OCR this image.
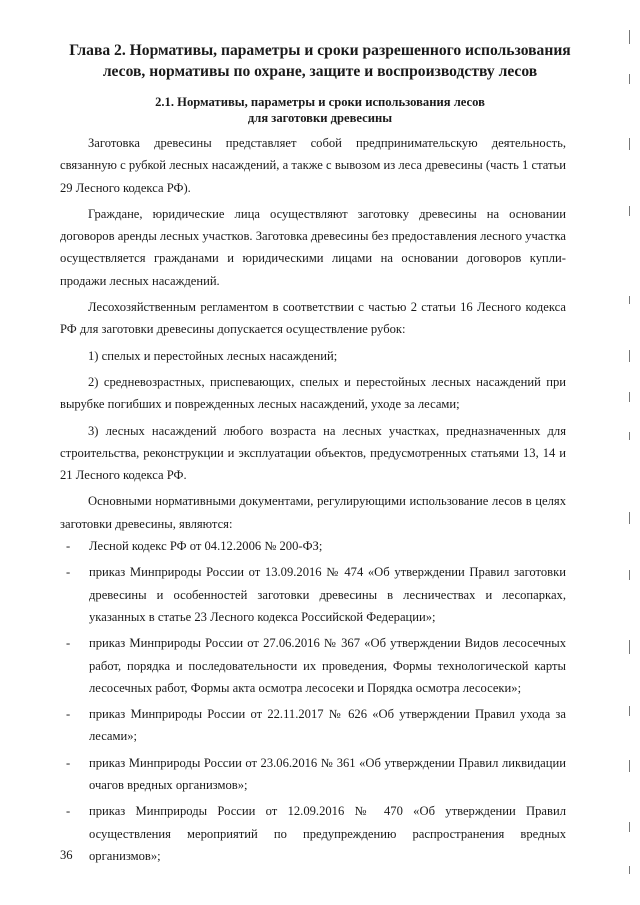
Глава 2. Нормативы, параметры и сроки разрешенного использования
лесов, нормативы по охране, защите и воспроизводству лесов
2.1. Нормативы, параметры и сроки использования лесов
для заготовки древесины

Заготовка древесины представляет собой предпринимательскую деятельность, связанную с рубкой лесных насаждений, а также с вывозом из леса древесины (часть 1 статьи 29 Лесного кодекса РФ).

Граждане, юридические лица осуществляют заготовку древесины на основании договоров аренды лесных участков. Заготовка древесины без предоставления лесного участка осуществляется гражданами и юридическими лицами на основании договоров купли-продажи лесных насаждений.

Лесохозяйственным регламентом в соответствии с частью 2 статьи 16 Лесного кодекса РФ для заготовки древесины допускается осуществление рубок:

1) спелых и перестойных лесных насаждений;

2) средневозрастных, приспевающих, спелых и перестойных лесных насаждений при вырубке погибших и поврежденных лесных насаждений, уходе за лесами;

3) лесных насаждений любого возраста на лесных участках, предназначенных для строительства, реконструкции и эксплуатации объектов, предусмотренных статьями 13, 14 и 21 Лесного кодекса РФ.

Основными нормативными документами, регулирующими использование лесов в целях заготовки древесины, являются:

- Лесной кодекс РФ от 04.12.2006 № 200-ФЗ;
- приказ Минприроды России от 13.09.2016 № 474 «Об утверждении Правил заготовки древесины и особенностей заготовки древесины в лесничествах и лесопарках, указанных в статье 23 Лесного кодекса Российской Федерации»;
- приказ Минприроды России от 27.06.2016 № 367 «Об утверждении Видов лесосечных работ, порядка и последовательности их проведения, Формы технологической карты лесосечных работ, Формы акта осмотра лесосеки и Порядка осмотра лесосеки»;
- приказ Минприроды России от 22.11.2017 № 626 «Об утверждении Правил ухода за лесами»;
- приказ Минприроды России от 23.06.2016 № 361 «Об утверждении Правил ликвидации очагов вредных организмов»;
- приказ Минприроды России от 12.09.2016 № 470 «Об утверждении Правил осуществления мероприятий по предупреждению распространения вредных организмов»;

36
